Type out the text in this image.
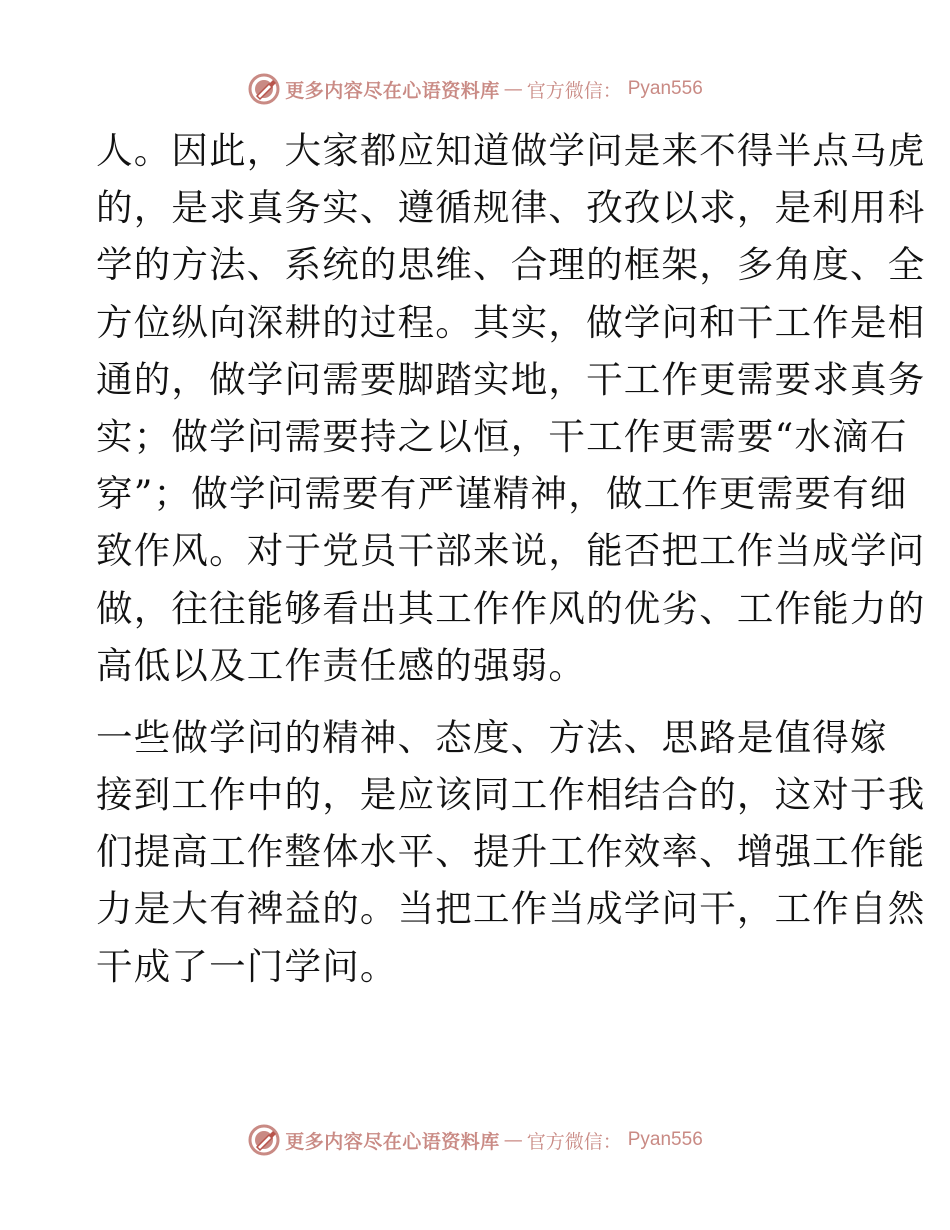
更多内容尽在心语资料库 — 官方微信： Pyan556
人。因此，大家都应知道做学问是来不得半点马虎
的，是求真务实、遵循规律、孜孜以求，是利用科
学的方法、系统的思维、合理的框架，多角度、全
方位纵向深耕的过程。其实，做学问和干工作是相
通的，做学问需要脚踏实地，干工作更需要求真务
实；做学问需要持之以恒，干工作更需要“水滴石
穿”；做学问需要有严谨精神，做工作更需要有细
致作风。对于党员干部来说，能否把工作当成学问
做，往往能够看出其工作作风的优劣、工作能力的
高低以及工作责任感的强弱。
一些做学问的精神、态度、方法、思路是值得嫁
接到工作中的，是应该同工作相结合的，这对于我
们提高工作整体水平、提升工作效率、增强工作能
力是大有裨益的。当把工作当成学问干，工作自然
干成了一门学问。
更多内容尽在心语资料库 — 官方微信： Pyan556
